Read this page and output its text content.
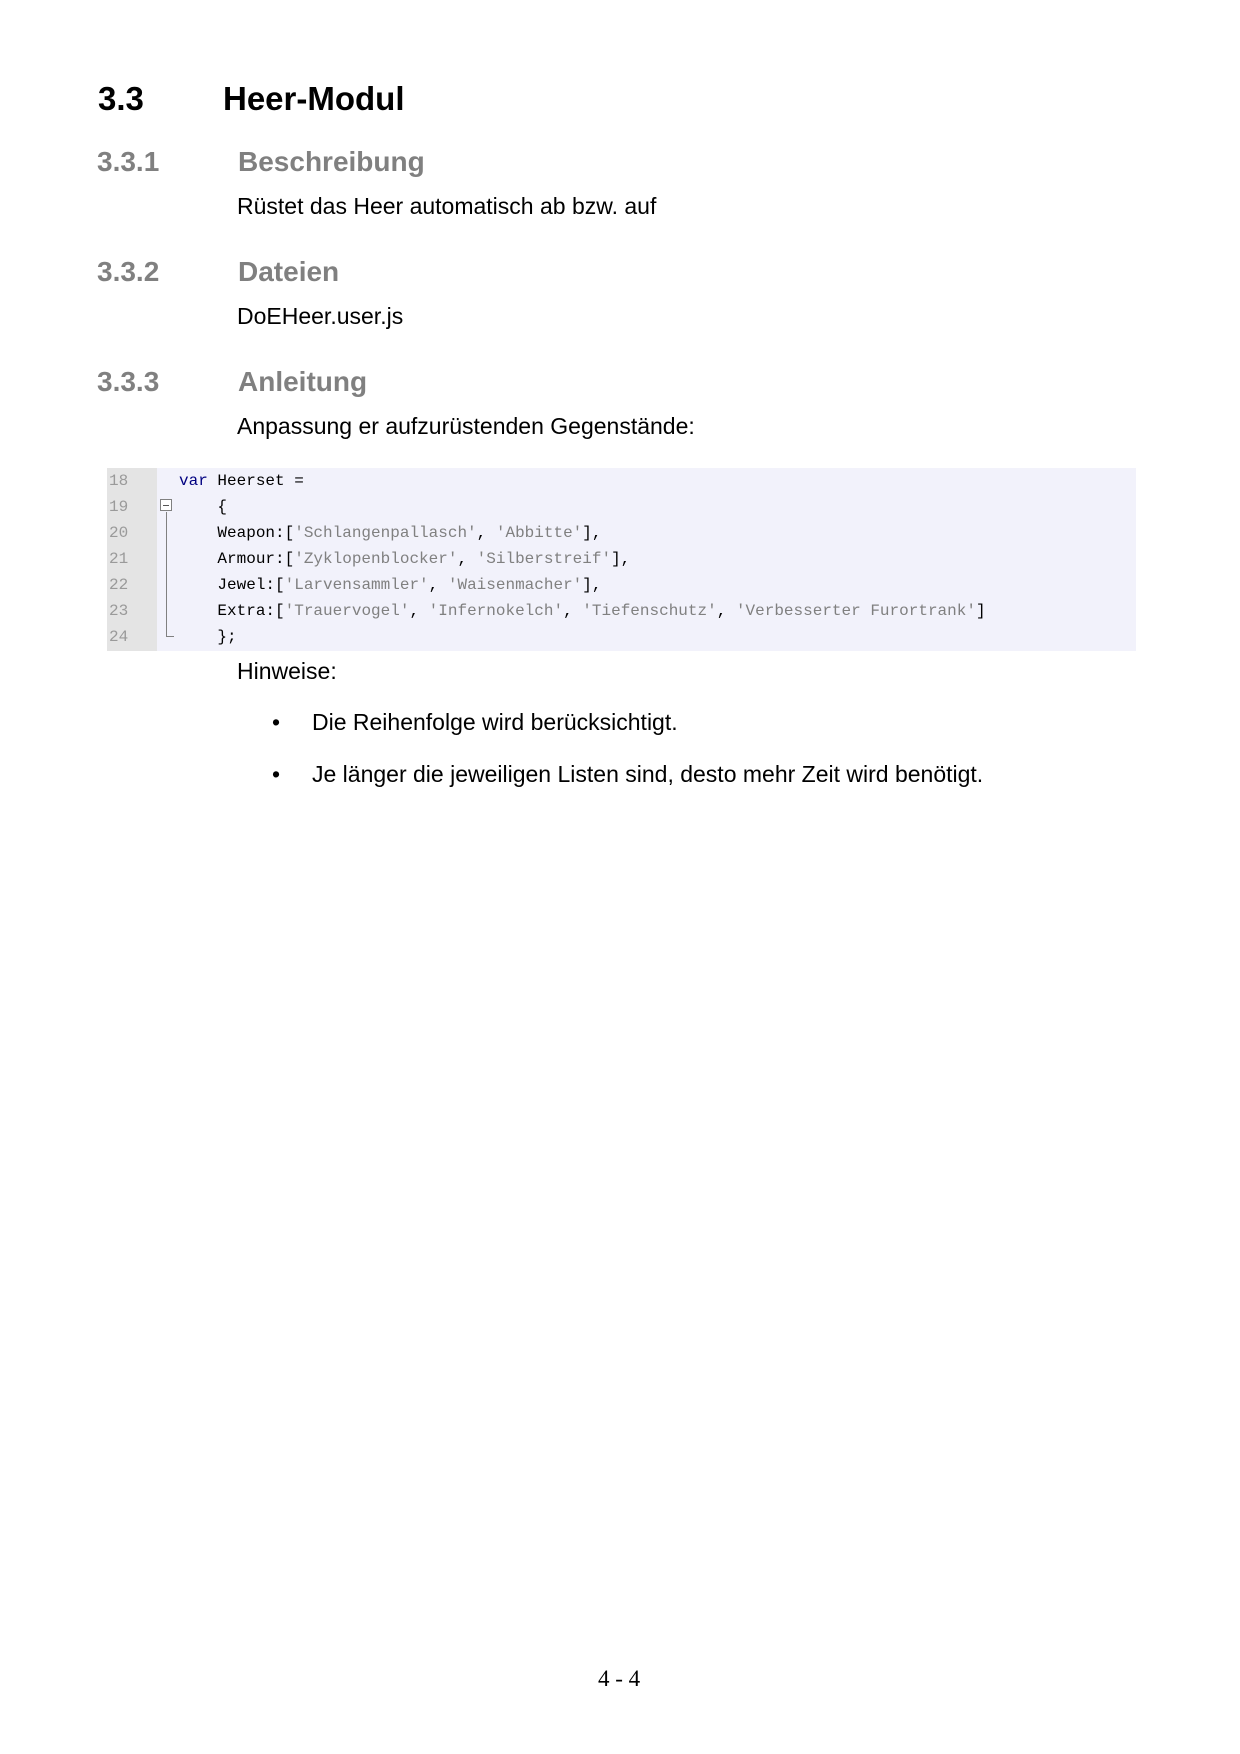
3.3 Heer-Modul
3.3.1	Beschreibung
Rüstet das Heer automatisch ab bzw. auf
3.3.2	Dateien
DoEHeer.user.js
3.3.3	Anleitung
Anpassung er aufzurüstenden Gegenstände:
18	var Heerset =
19	{
20	Weapon:['Schlangenpallasch', 'Abbitte'],
21	Armour:['Zyklopenblocker', 'Silberstreif'],
22	Jewel:['Larvensammler', 'Waisenmacher'],
23	Extra:['Trauervogel', 'Infernokelch', 'Tiefenschutz', 'Verbesserter Furortrank']
24	};
Hinweise:
• Die Reihenfolge wird berücksichtigt.
• Je länger die jeweiligen Listen sind, desto mehr Zeit wird benötigt.
4 - 4
